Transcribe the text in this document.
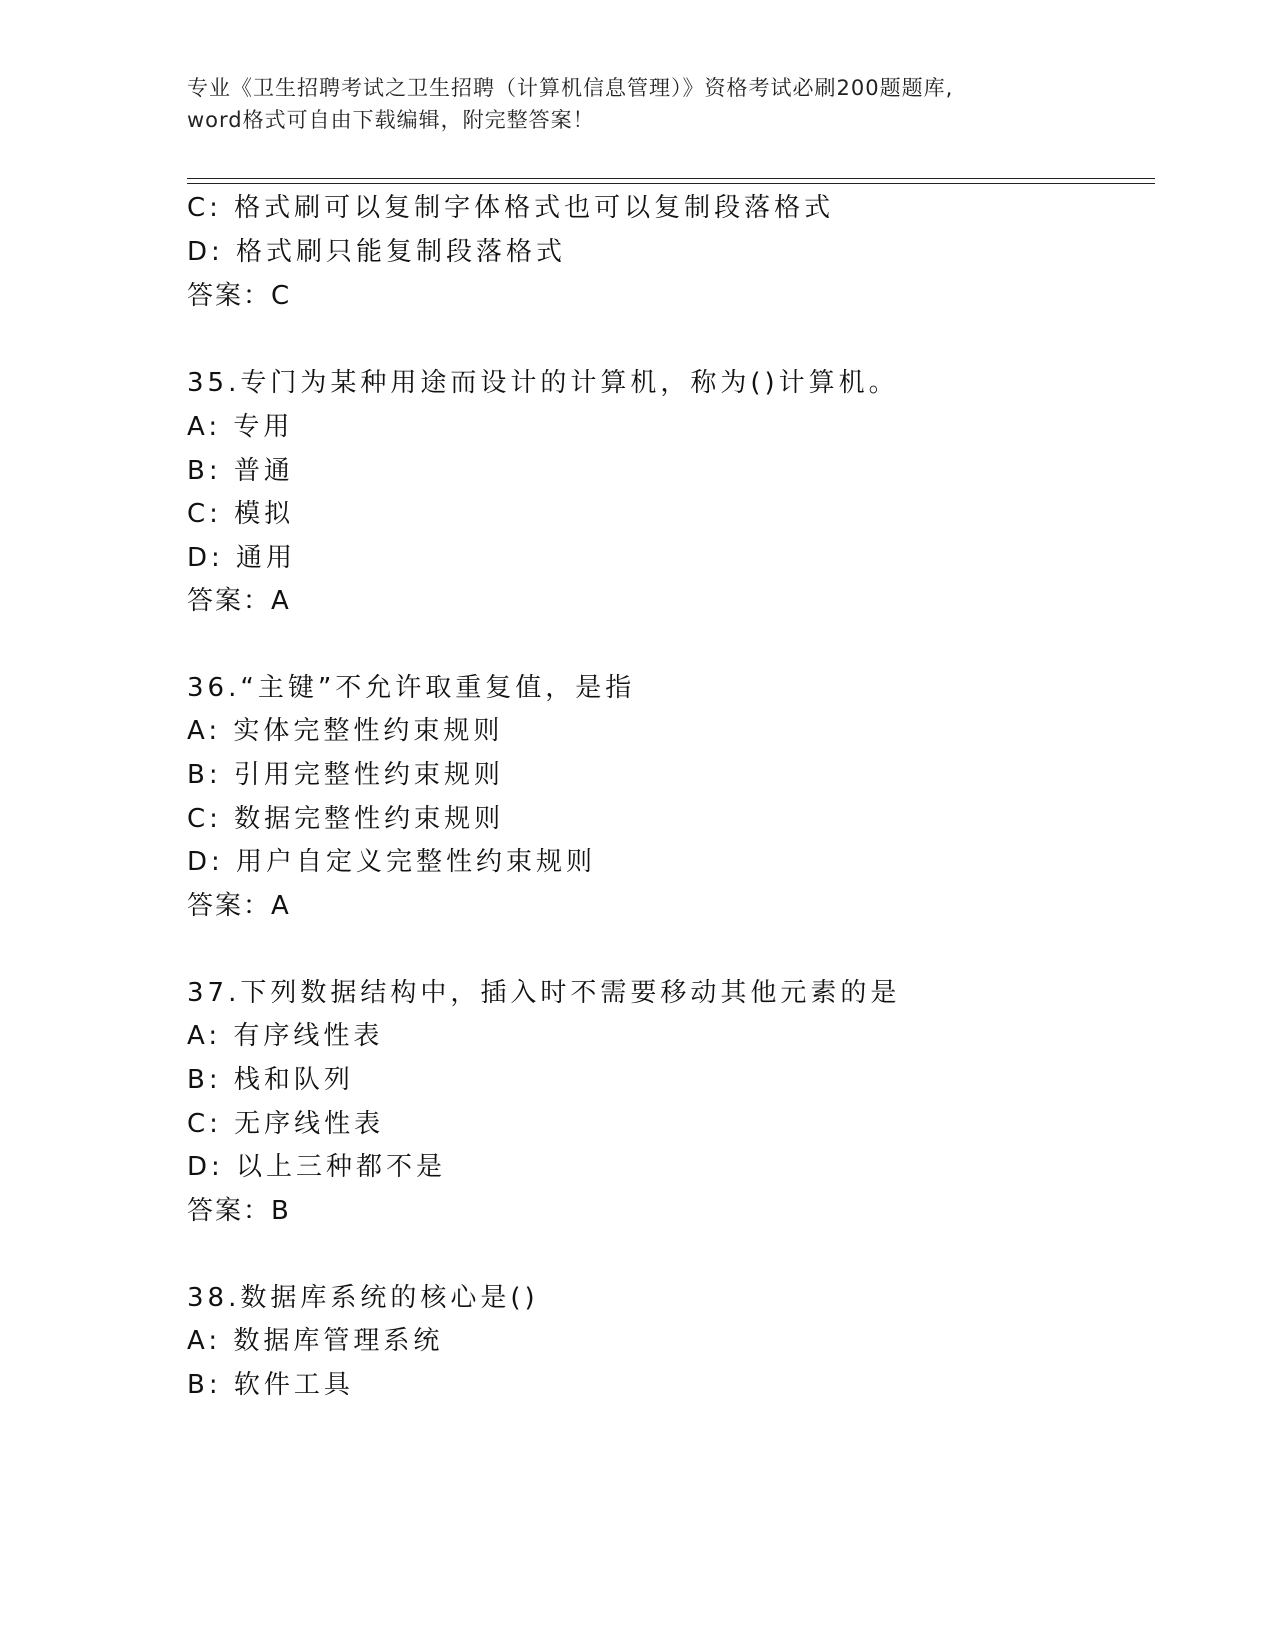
专业《卫生招聘考试之卫生招聘（计算机信息管理）》资格考试必刷200题题库,
word格式可自由下载编辑，附完整答案！
C: 格式刷可以复制字体格式也可以复制段落格式
D: 格式刷只能复制段落格式
答案：C
35.专门为某种用途而设计的计算机，称为()计算机。
A: 专用
B: 普通
C: 模拟
D: 通用
答案：A
36.“主键”不允许取重复值，是指
A: 实体完整性约束规则
B: 引用完整性约束规则
C: 数据完整性约束规则
D: 用户自定义完整性约束规则
答案：A
37.下列数据结构中，插入时不需要移动其他元素的是
A: 有序线性表
B: 栈和队列
C: 无序线性表
D: 以上三种都不是
答案：B
38.数据库系统的核心是()
A: 数据库管理系统
B: 软件工具
